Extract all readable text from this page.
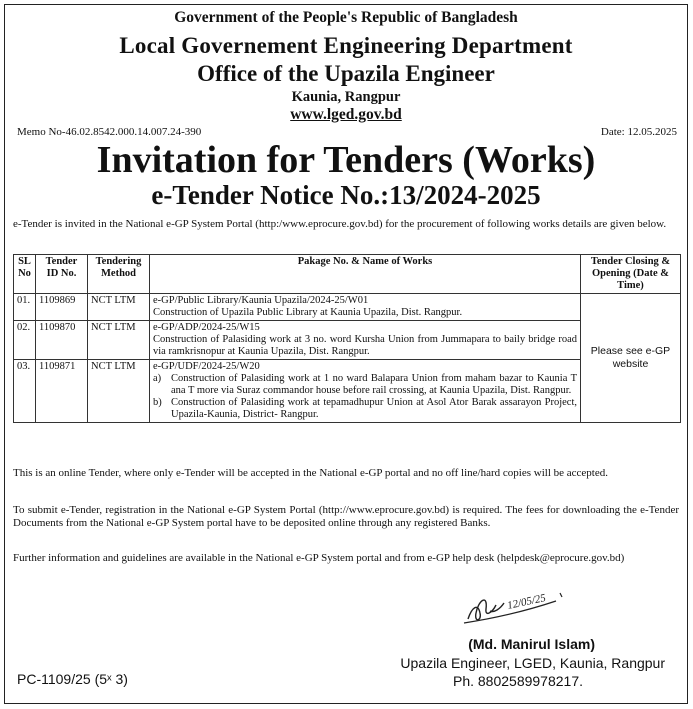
Government of the People's Republic of Bangladesh
Local Governement Engineering Department
Office of the Upazila Engineer
Kaunia, Rangpur
www.lged.gov.bd
Memo No-46.02.8542.000.14.007.24-390	Date: 12.05.2025
Invitation for Tenders (Works)
e-Tender Notice No.:13/2024-2025
e-Tender is invited in the National e-GP System Portal (http:/www.eprocure.gov.bd) for the procurement of following works details are given below.
SL No	Tender ID No.	Tendering Method	Pakage No. & Name of Works	Tender Closing & Opening (Date & Time)
01.	1109869	NCT LTM	e-GP/Public Library/Kaunia Upazila/2024-25/W01
Construction of Upazila Public Library at Kaunia Upazila, Dist. Rangpur.	Please see e-GP website
02.	1109870	NCT LTM	e-GP/ADP/2024-25/W15
Construction of Palasiding work at 3 no. word Kursha Union from Jummapara to baily bridge road via ramkrisnopur at Kaunia Upazila, Dist. Rangpur.	

03.	1109871	NCT LTM	e-GP/UDF/2024-25/W20
a) Construction of Palasiding work at 1 no ward Balapara Union from maham bazar to Kaunia T ana T more via Suraz commandor house before rail crossing, at Kaunia Upazila, Dist. Rangpur.
b) Construction of Palasiding work at tepamadhupur Union at Asol Ator Barak assarayon Project, Upazila-Kaunia, District- Rangpur.	
This is an online Tender, where only e-Tender will be accepted in the National e-GP portal and no off line/hard copies will be accepted.
To submit e-Tender, registration in the National e-GP System Portal (http://www.eprocure.gov.bd) is required. The fees for downloading the e-Tender Documents from the National e-GP System portal have to be deposited online through any registered Banks.
Further information and guidelines are available in the National e-GP System portal and from e-GP help desk (helpdesk@eprocure.gov.bd)
12/05/25
(Md. Manirul Islam)
Upazila Engineer, LGED, Kaunia, Rangpur
Ph. 8802589978217.
PC-1109/25 (5ˣ 3)
